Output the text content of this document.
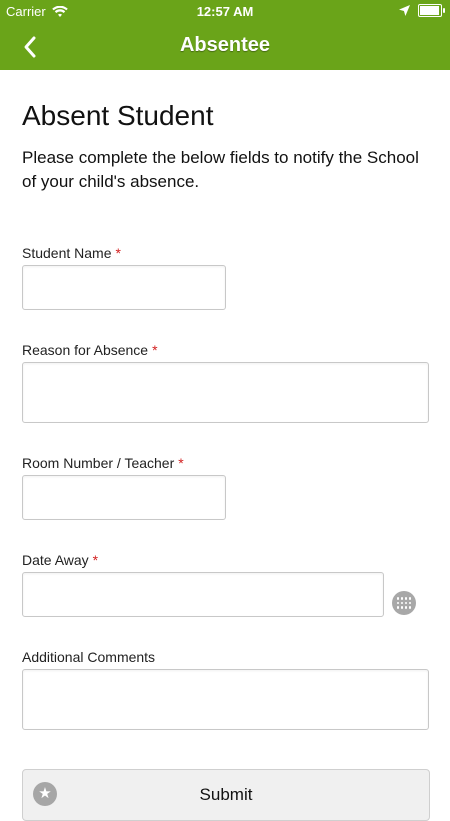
Carrier	12:57 AM
Absentee
Absent Student
Please complete the below fields to notify the School of your child's absence.
Student Name *
Reason for Absence *
Room Number / Teacher *
Date Away *
Additional Comments
★	Submit
